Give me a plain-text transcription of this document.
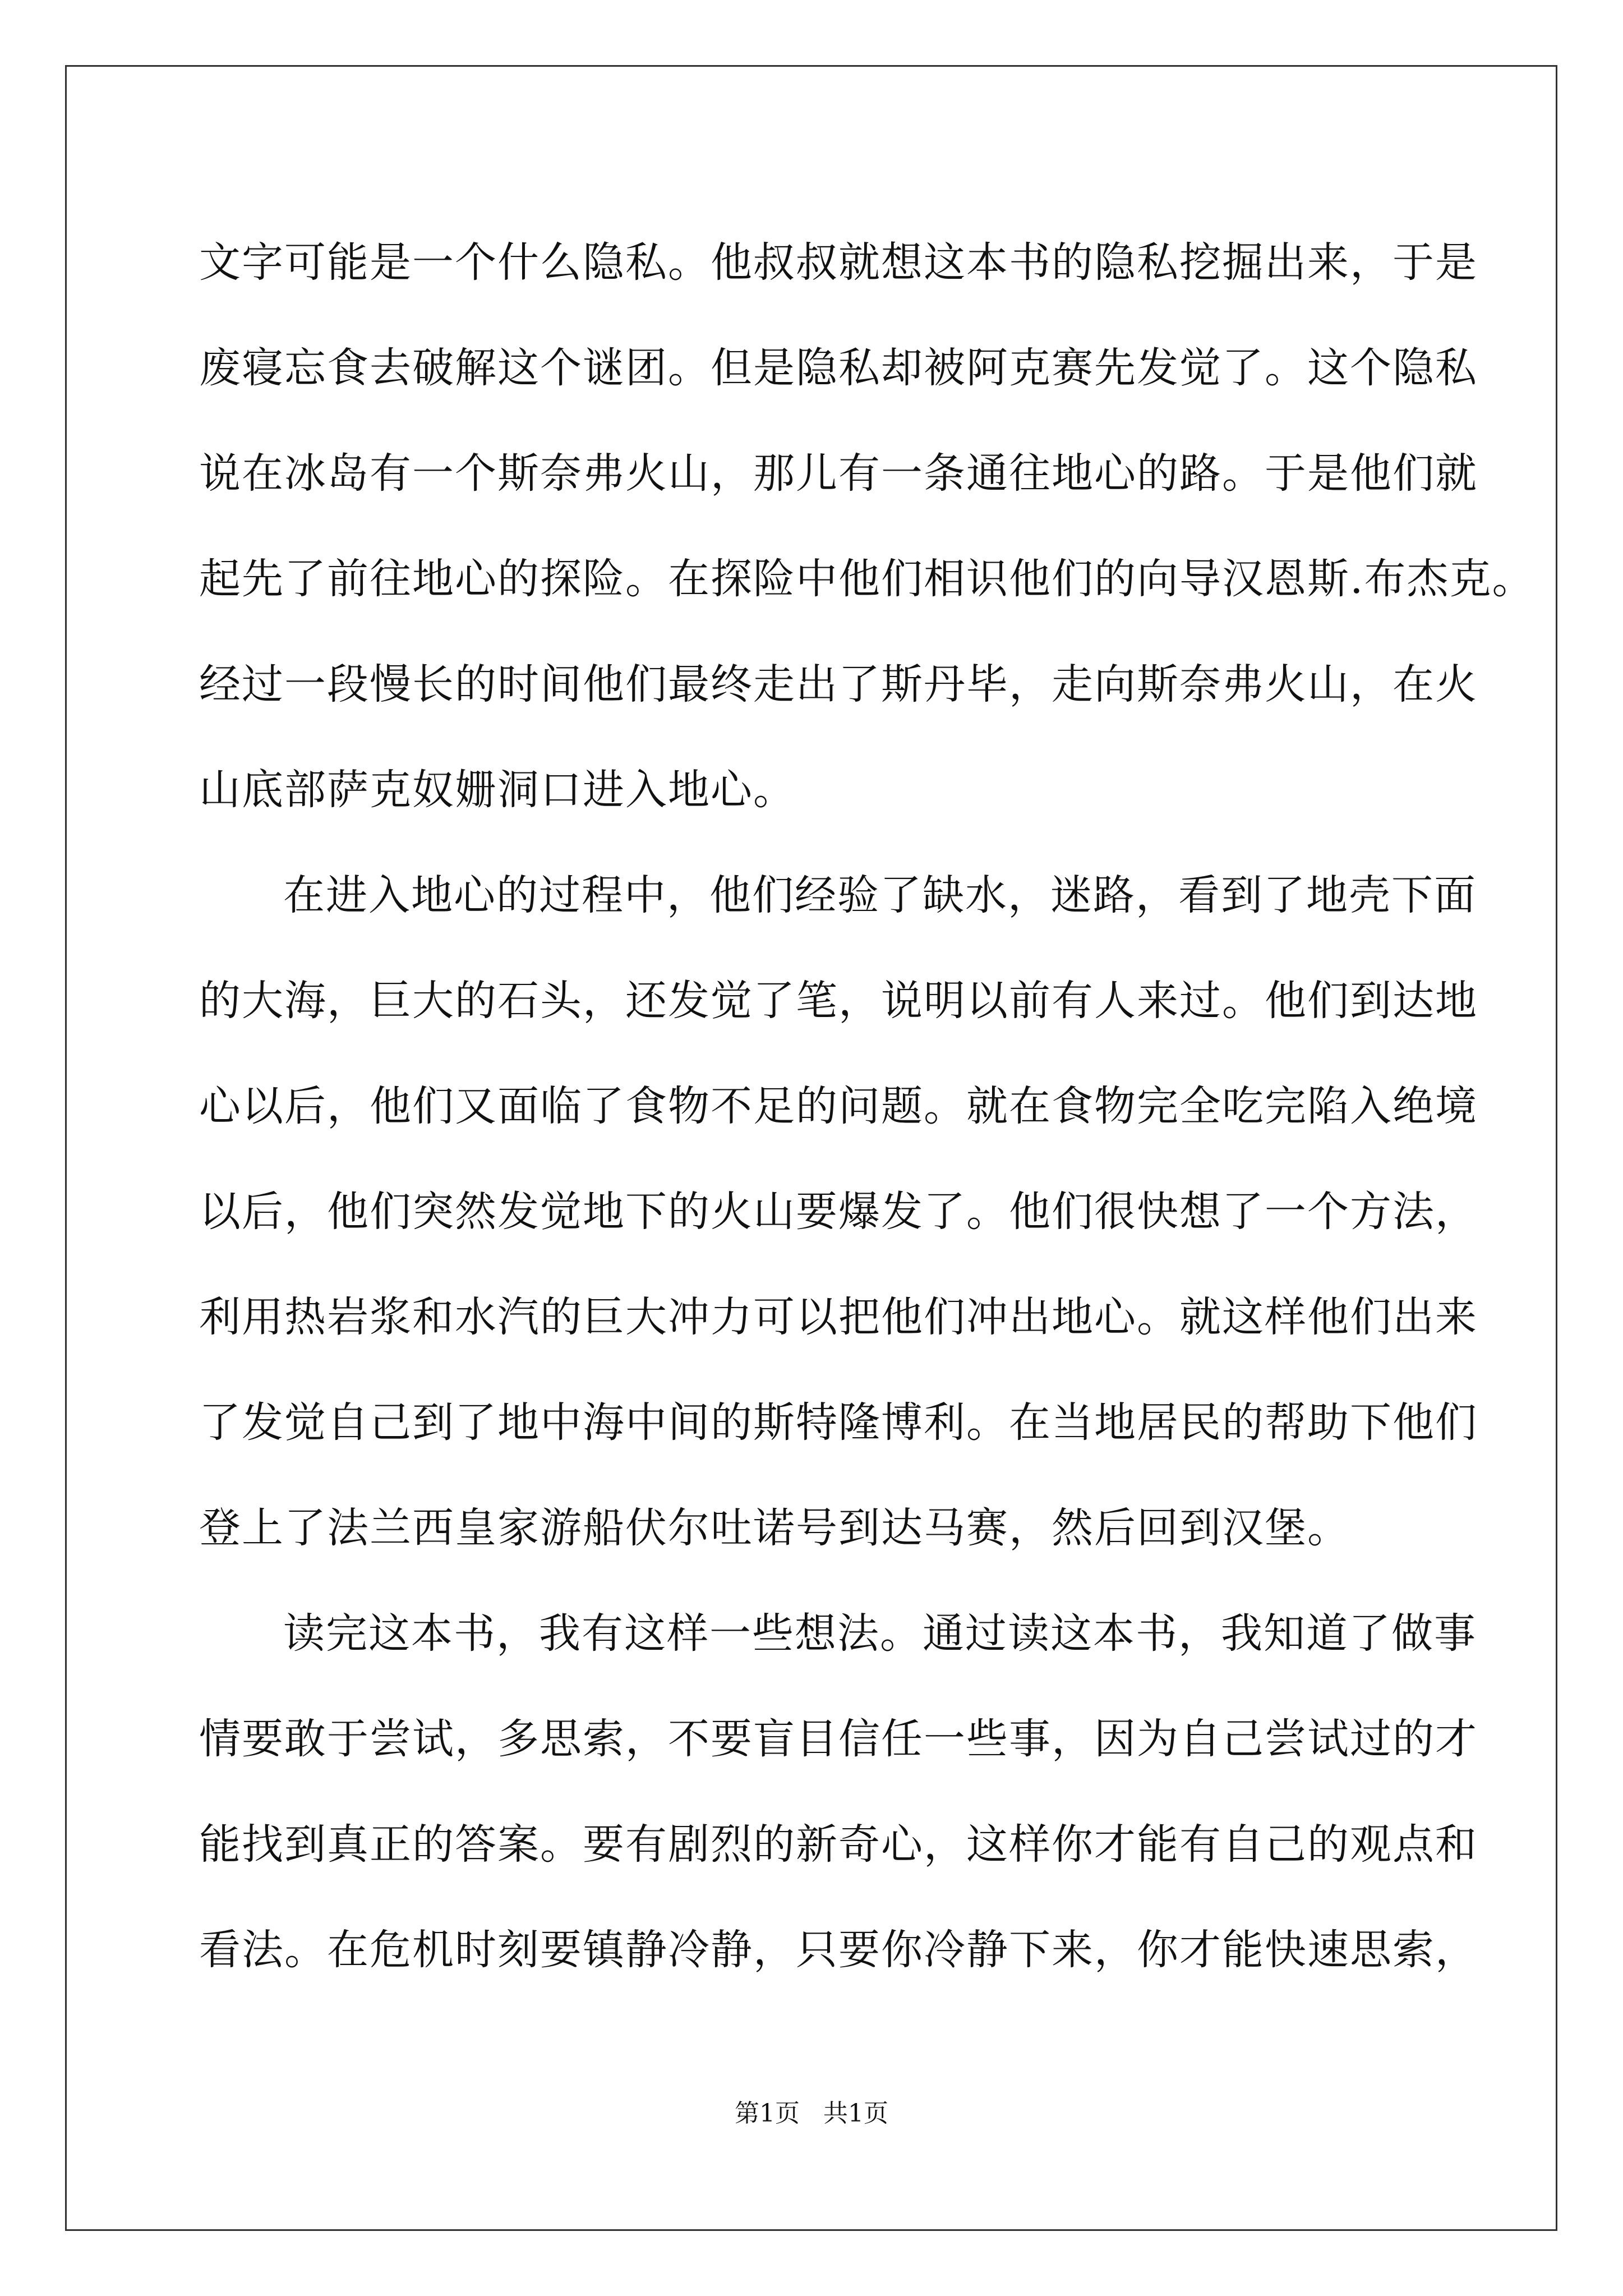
文字可能是一个什么隐私。他叔叔就想这本书的隐私挖掘出来，于是
废寝忘食去破解这个谜团。但是隐私却被阿克赛先发觉了。这个隐私
说在冰岛有一个斯奈弗火山，那儿有一条通往地心的路。于是他们就
起先了前往地心的探险。在探险中他们相识他们的向导汉恩斯.布杰克。
经过一段慢长的时间他们最终走出了斯丹毕，走向斯奈弗火山，在火
山底部萨克奴姗洞口进入地心。
在进入地心的过程中，他们经验了缺水，迷路，看到了地壳下面
的大海，巨大的石头，还发觉了笔，说明以前有人来过。他们到达地
心以后，他们又面临了食物不足的问题。就在食物完全吃完陷入绝境
以后，他们突然发觉地下的火山要爆发了。他们很快想了一个方法，
利用热岩浆和水汽的巨大冲力可以把他们冲出地心。就这样他们出来
了发觉自己到了地中海中间的斯特隆博利。在当地居民的帮助下他们
登上了法兰西皇家游船伏尔吐诺号到达马赛，然后回到汉堡。
读完这本书，我有这样一些想法。通过读这本书，我知道了做事
情要敢于尝试，多思索，不要盲目信任一些事，因为自己尝试过的才
能找到真正的答案。要有剧烈的新奇心，这样你才能有自己的观点和
看法。在危机时刻要镇静冷静，只要你冷静下来，你才能快速思索，
第1页   共1页
